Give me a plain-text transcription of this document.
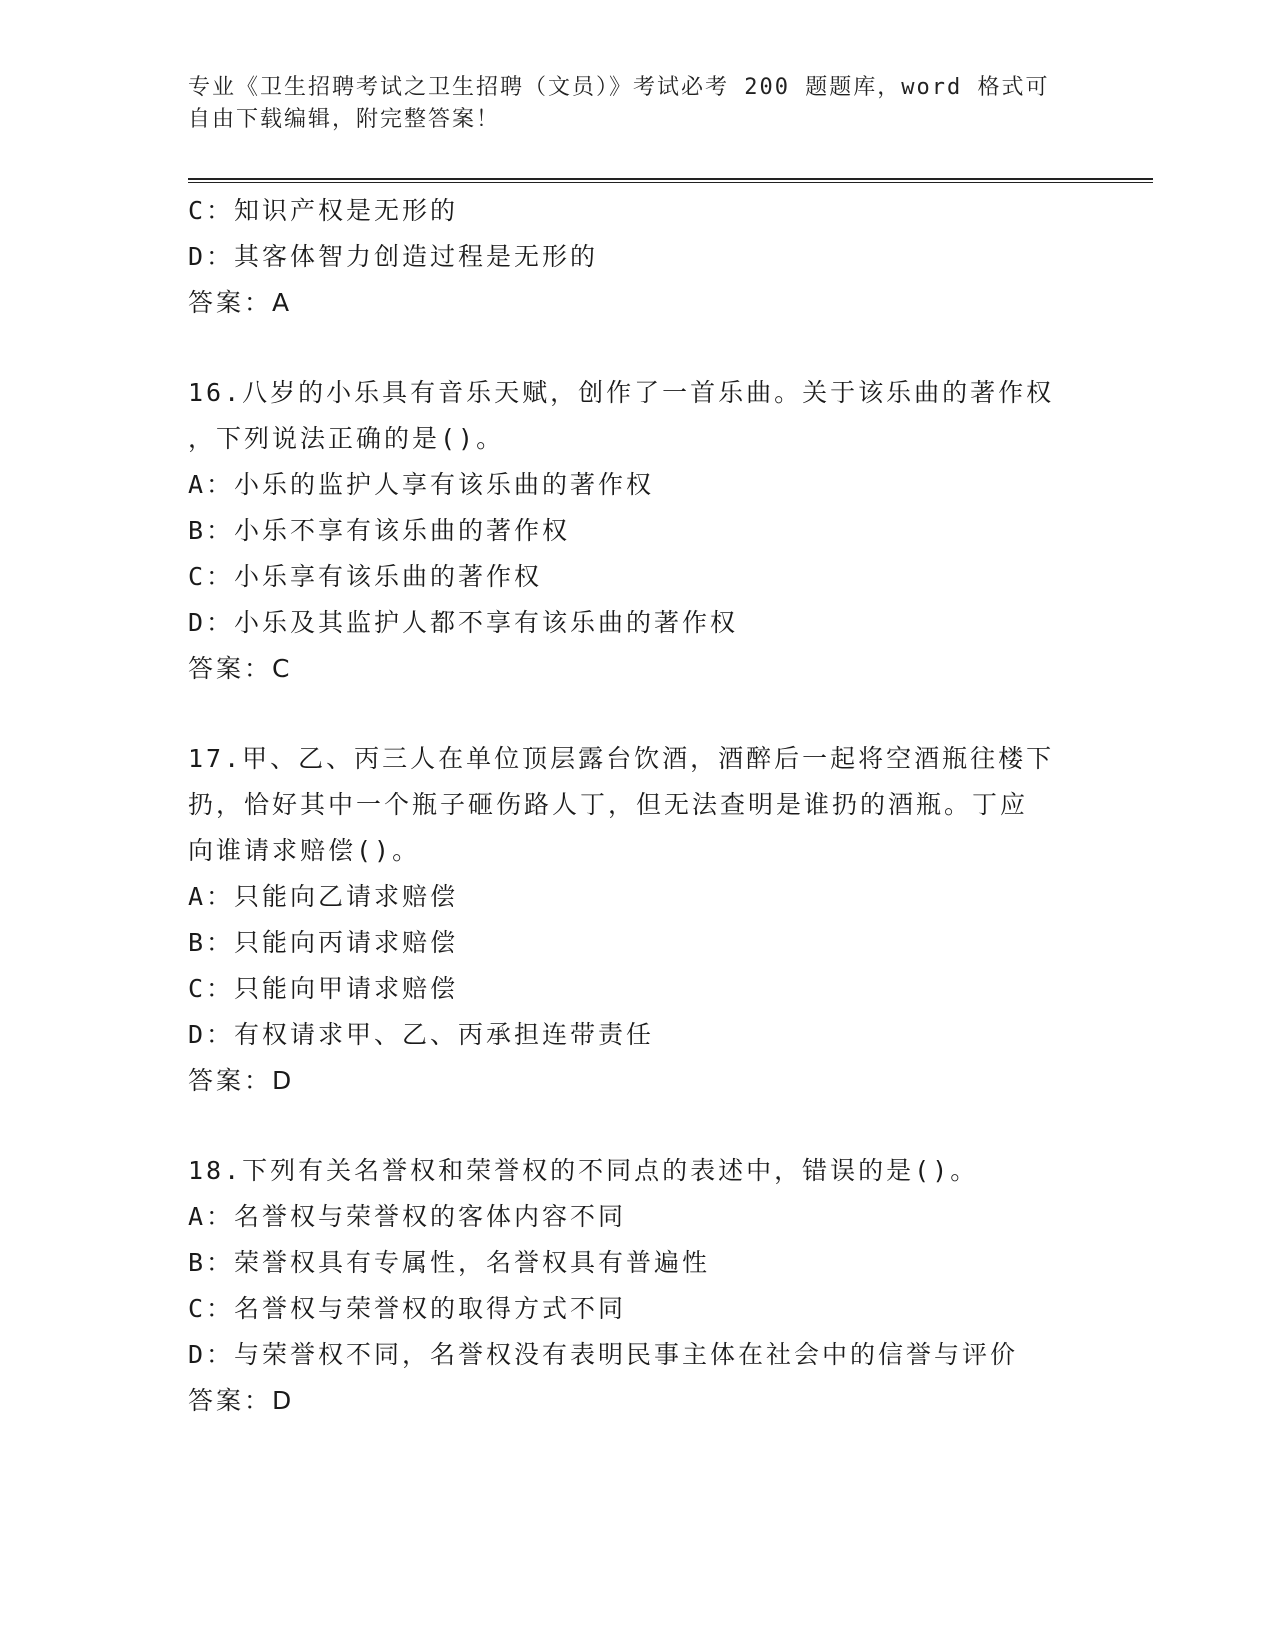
专业《卫生招聘考试之卫生招聘（文员）》考试必考 200 题题库，word 格式可自由下载编辑，附完整答案！
C：知识产权是无形的
D：其客体智力创造过程是无形的
答案：A
16.八岁的小乐具有音乐天赋，创作了一首乐曲。关于该乐曲的著作权
，下列说法正确的是()。
A：小乐的监护人享有该乐曲的著作权
B：小乐不享有该乐曲的著作权
C：小乐享有该乐曲的著作权
D：小乐及其监护人都不享有该乐曲的著作权
答案：C
17.甲、乙、丙三人在单位顶层露台饮酒，酒醉后一起将空酒瓶往楼下
扔，恰好其中一个瓶子砸伤路人丁，但无法查明是谁扔的酒瓶。丁应
向谁请求赔偿()。
A：只能向乙请求赔偿
B：只能向丙请求赔偿
C：只能向甲请求赔偿
D：有权请求甲、乙、丙承担连带责任
答案：D
18.下列有关名誉权和荣誉权的不同点的表述中，错误的是()。
A：名誉权与荣誉权的客体内容不同
B：荣誉权具有专属性，名誉权具有普遍性
C：名誉权与荣誉权的取得方式不同
D：与荣誉权不同，名誉权没有表明民事主体在社会中的信誉与评价
答案：D
